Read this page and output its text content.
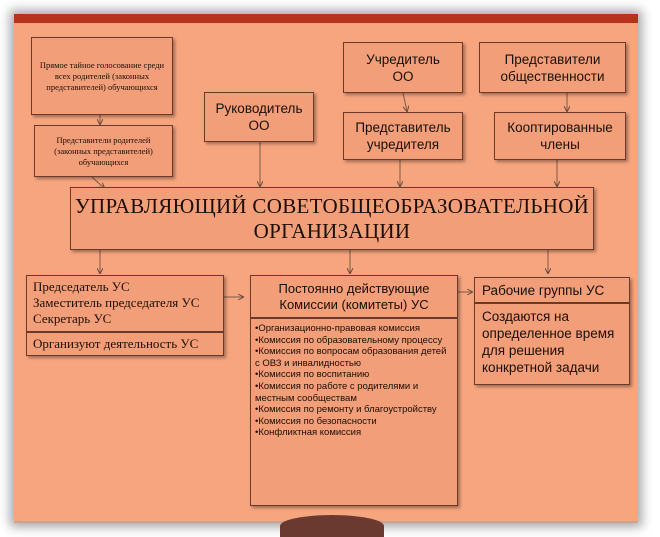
Прямое тайное голосование среди всех родителей (законных представителей) обучающихся
Представители родителей (законных представителей) обучающихся
Руководитель
ОО
Учредитель
ОО
Представители
общественности
Представитель
учредителя
Кооптированные
члены
УПРАВЛЯЮЩИЙ СОВЕТОБЩЕОБРАЗОВАТЕЛЬНОЙ
ОРГАНИЗАЦИИ
Председатель УС
Заместитель председателя УС
Секретарь УС
Организуют деятельность УС
Постоянно действующие
Комиссии (комитеты) УС
•Организационно-правовая комиссия
•Комиссия по образовательному процессу
•Комиссия по вопросам образования детей с ОВЗ и инвалидностью
•Комиссия по воспитанию
•Комиссия по работе с родителями и местным сообществам
•Комиссия по ремонту и благоустройству
•Комиссия по безопасности
•Конфликтная комиссия
Рабочие группы УС
Создаются на
определенное время
для решения
конкретной задачи
